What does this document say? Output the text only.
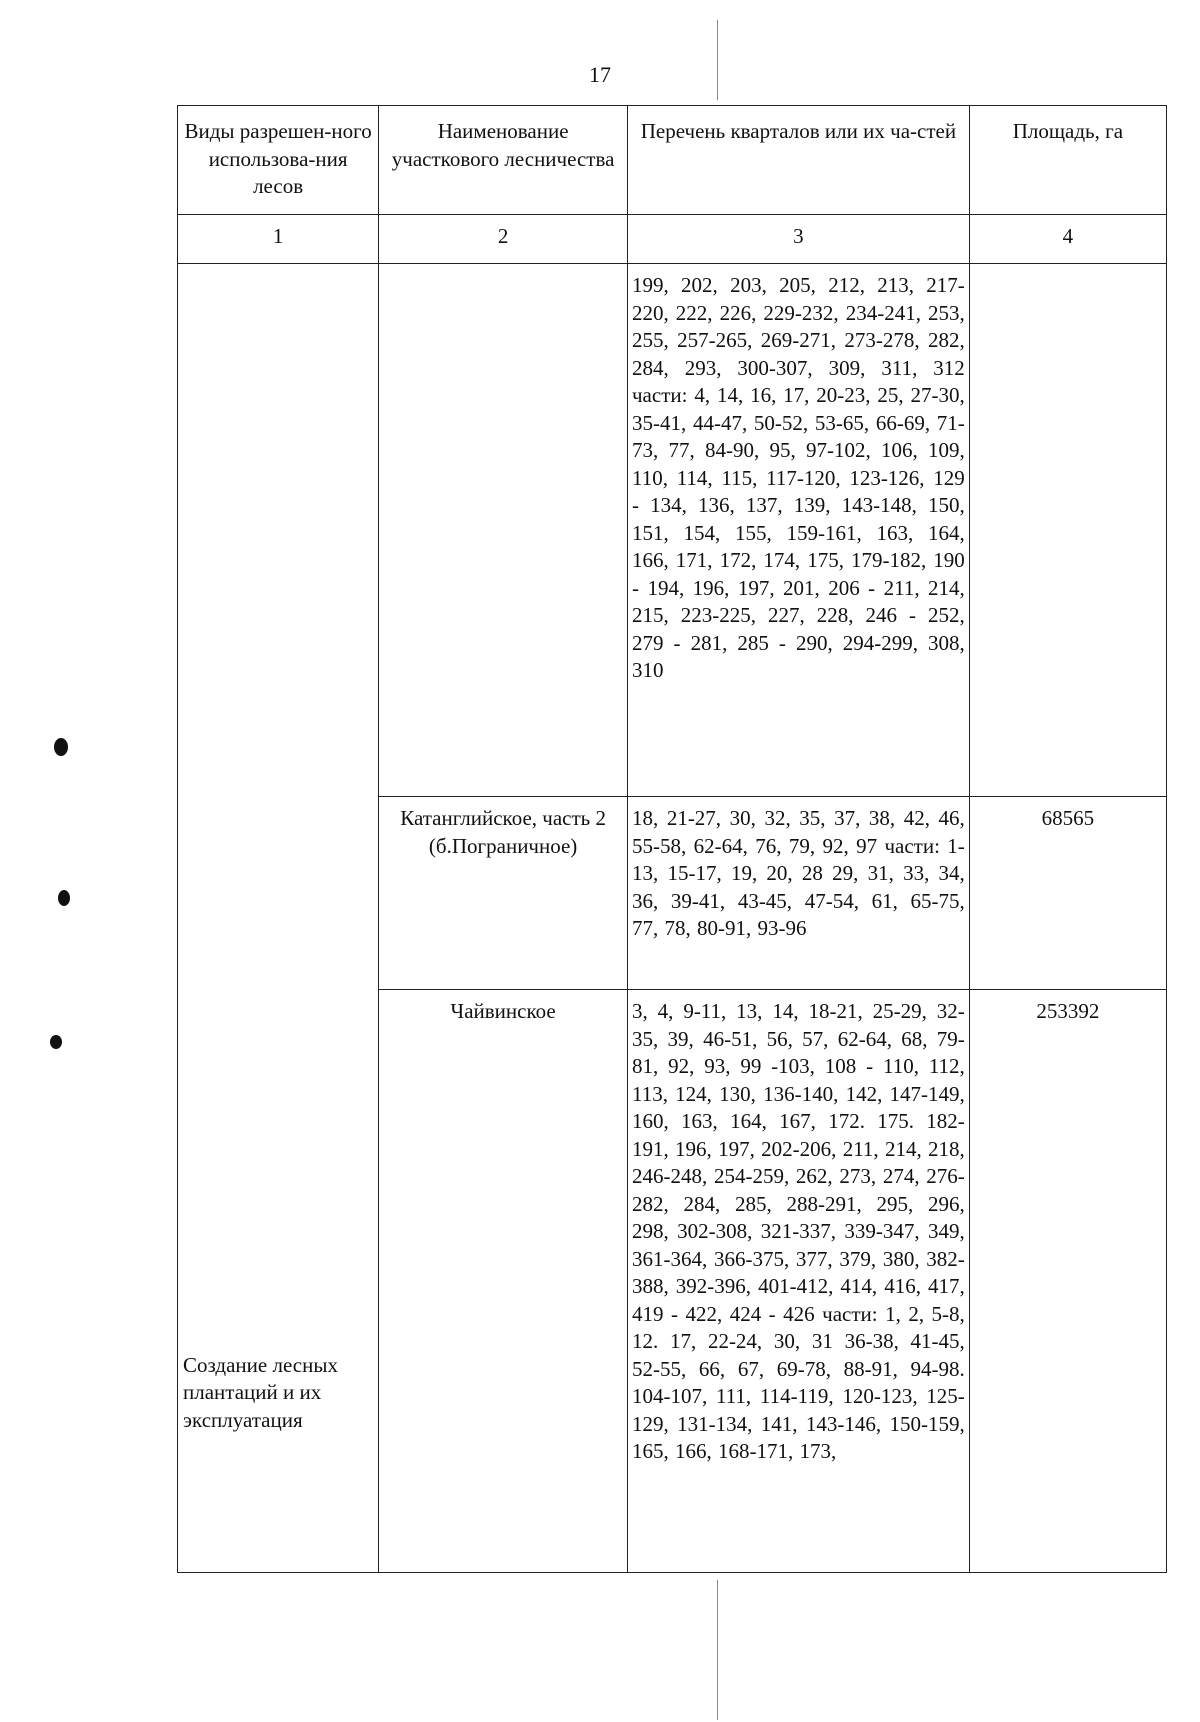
17
Виды разрешен-ного использова-ния лесов	Наименование участкового лесничества	Перечень кварталов или их ча-стей	Площадь, га
1	2	3	4
Создание лесных плантаций и их эксплуатация		199, 202, 203, 205, 212, 213, 217-220, 222, 226, 229-232, 234-241, 253, 255, 257-265, 269-271, 273-278, 282, 284, 293, 300-307, 309, 311, 312 части: 4, 14, 16, 17, 20-23, 25, 27-30, 35-41, 44-47, 50-52, 53-65, 66-69, 71-73, 77, 84-90, 95, 97-102, 106, 109, 110, 114, 115, 117-120, 123-126, 129 - 134, 136, 137, 139, 143-148, 150, 151, 154, 155, 159-161, 163, 164, 166, 171, 172, 174, 175, 179-182, 190 - 194, 196, 197, 201, 206 - 211, 214, 215, 223-225, 227, 228, 246 - 252, 279 - 281, 285 - 290, 294-299, 308, 310	
	Катанглийское, часть 2 (б.Пограничное)	18, 21-27, 30, 32, 35, 37, 38, 42, 46, 55-58, 62-64, 76, 79, 92, 97 части: 1-13, 15-17, 19, 20, 28 29, 31, 33, 34, 36, 39-41, 43-45, 47-54, 61, 65-75, 77, 78, 80-91, 93-96	68565
	Чайвинское	3, 4, 9-11, 13, 14, 18-21, 25-29, 32-35, 39, 46-51, 56, 57, 62-64, 68, 79-81, 92, 93, 99 -103, 108 - 110, 112, 113, 124, 130, 136-140, 142, 147-149, 160, 163, 164, 167, 172. 175. 182-191, 196, 197, 202-206, 211, 214, 218, 246-248, 254-259, 262, 273, 274, 276-282, 284, 285, 288-291, 295, 296, 298, 302-308, 321-337, 339-347, 349, 361-364, 366-375, 377, 379, 380, 382-388, 392-396, 401-412, 414, 416, 417, 419 - 422, 424 - 426 части: 1, 2, 5-8, 12. 17, 22-24, 30, 31 36-38, 41-45, 52-55, 66, 67, 69-78, 88-91, 94-98. 104-107, 111, 114-119, 120-123, 125-129, 131-134, 141, 143-146, 150-159, 165, 166, 168-171, 173,	253392
